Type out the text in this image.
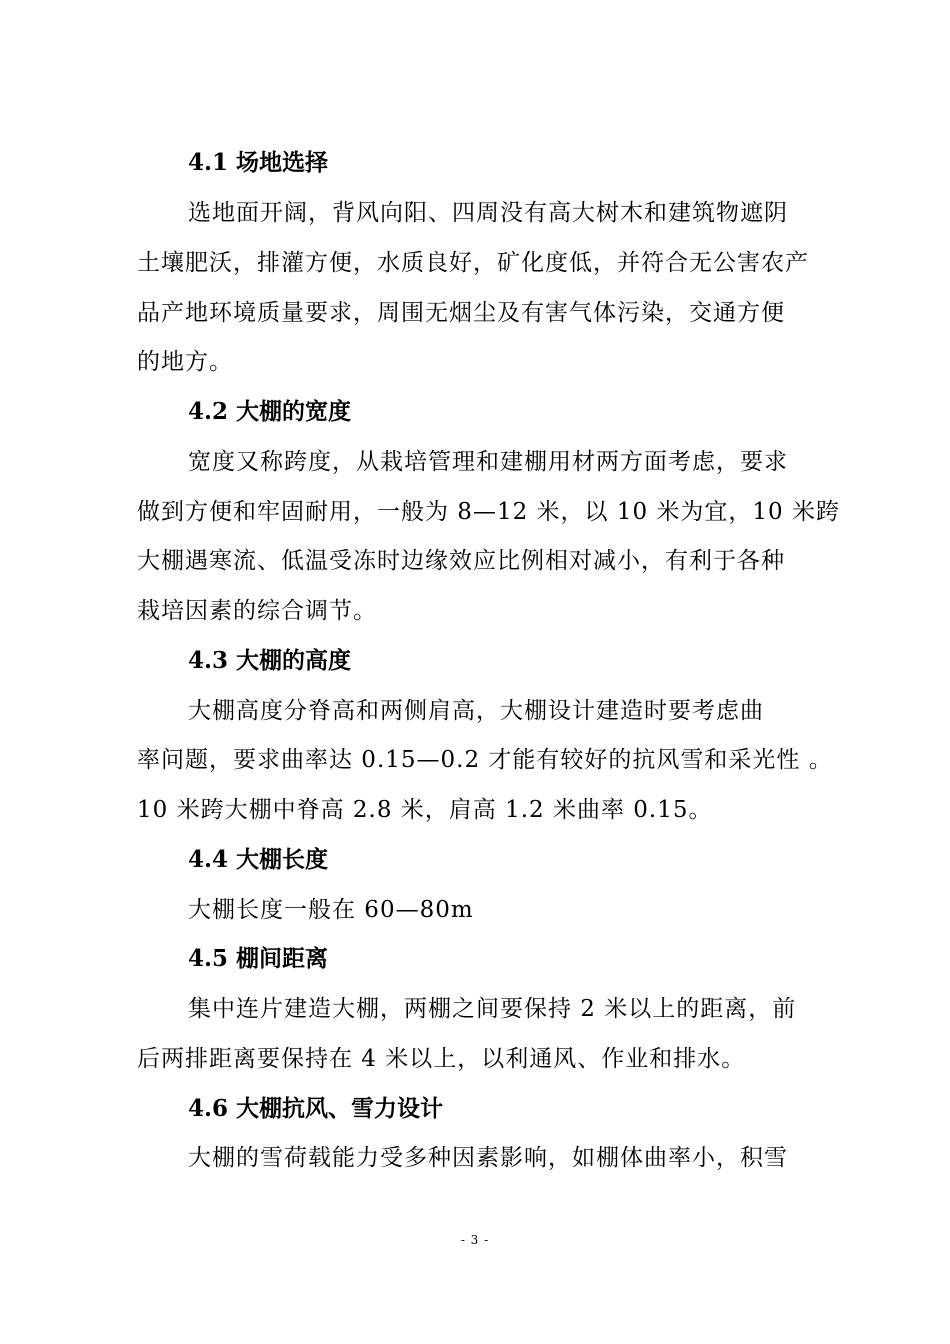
4.1 场地选择
选地面开阔，背风向阳、四周没有高大树木和建筑物遮阴
土壤肥沃，排灌方便，水质良好，矿化度低，并符合无公害农产
品产地环境质量要求，周围无烟尘及有害气体污染，交通方便
的地方。
4.2 大棚的宽度
宽度又称跨度，从栽培管理和建棚用材两方面考虑，要求
做到方便和牢固耐用，一般为 8—12 米，以 10 米为宜，10 米跨
大棚遇寒流、低温受冻时边缘效应比例相对减小，有利于各种
栽培因素的综合调节。
4.3 大棚的高度
大棚高度分脊高和两侧肩高，大棚设计建造时要考虑曲
率问题，要求曲率达 0.15—0.2 才能有较好的抗风雪和采光性 。
10 米跨大棚中脊高 2.8 米，肩高 1.2 米曲率 0.15。
4.4 大棚长度
大棚长度一般在 60—80m
4.5 棚间距离
集中连片建造大棚，两棚之间要保持 2 米以上的距离，前
后两排距离要保持在 4 米以上，以利通风、作业和排水。
4.6 大棚抗风、雪力设计
大棚的雪荷载能力受多种因素影响，如棚体曲率小，积雪
- 3 -
